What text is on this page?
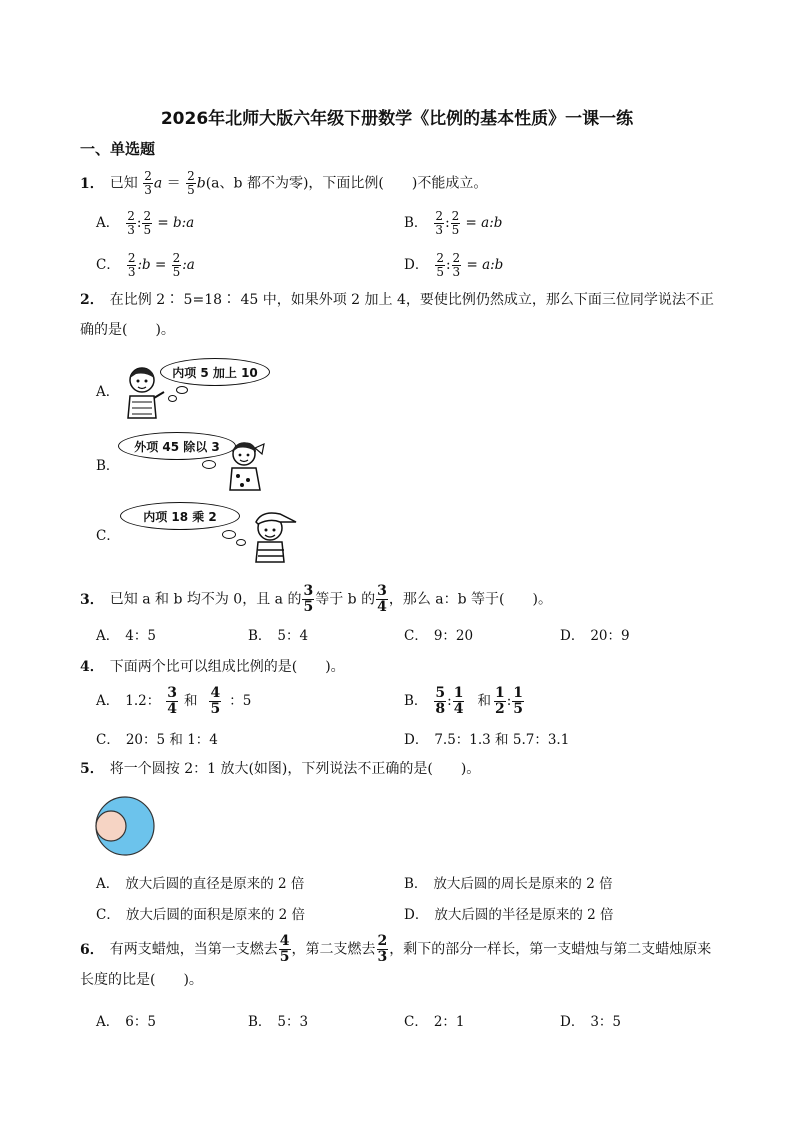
2026年北师大版六年级下册数学《比例的基本性质》一课一练
一、单选题
1． 已知 $\frac{2}{3}$ $a = \frac{2}{5} b(a$、b 都不为零)，下面比例(　　)不能成立。
A． $\frac{2}{3}$ : $\frac{2}{5}$ = b:a	B． $\frac{2}{3}$ : $\frac{2}{5}$ = a:b
C． $\frac{2}{3}$ :b = $\frac{2}{5}$ :a	D． $\frac{2}{5}$ : $\frac{2}{3}$ = a:b
2． 在比例 2∶ 5=18∶ 45 中，如果外项 2 加上 4，要使比例仍然成立，那么下面三位同学说法不正确的是(　　)。
A．
内项 5 加上 10
B．
外项 45 除以 3
C．
内项 18 乘 2
3． 已知 a 和 b 均不为 0，且 a 的 $\frac{3}{5}$ 等于 b 的 $\frac{3}{4}$ ，那么 a：b 等于(　　)。
A． 4：5	B． 5：4	C． 9：20	D． 20：9
4． 下面两个比可以组成比例的是(　　)。
A． 1.2： $\frac{3}{4}$ 和 $\frac{4}{5}$ ：5	B． $\frac{5}{8}$ : $\frac{1}{4}$ 和 $\frac{1}{2}$ : $\frac{1}{5}$
C． 20：5 和 1：4	D． 7.5：1.3 和 5.7：3.1
5． 将一个圆按 2：1 放大(如图)，下列说法不正确的是(　　)。
A． 放大后圆的直径是原来的 2 倍	B． 放大后圆的周长是原来的 2 倍
C． 放大后圆的面积是原来的 2 倍	D． 放大后圆的半径是原来的 2 倍
6． 有两支蜡烛，当第一支燃去 $\frac{4}{5}$ ，第二支燃去 $\frac{2}{3}$ ，剩下的部分一样长，第一支蜡烛与第二支蜡烛原来长度的比是(　　)。
A． 6：5	B． 5：3	C． 2：1	D． 3：5
